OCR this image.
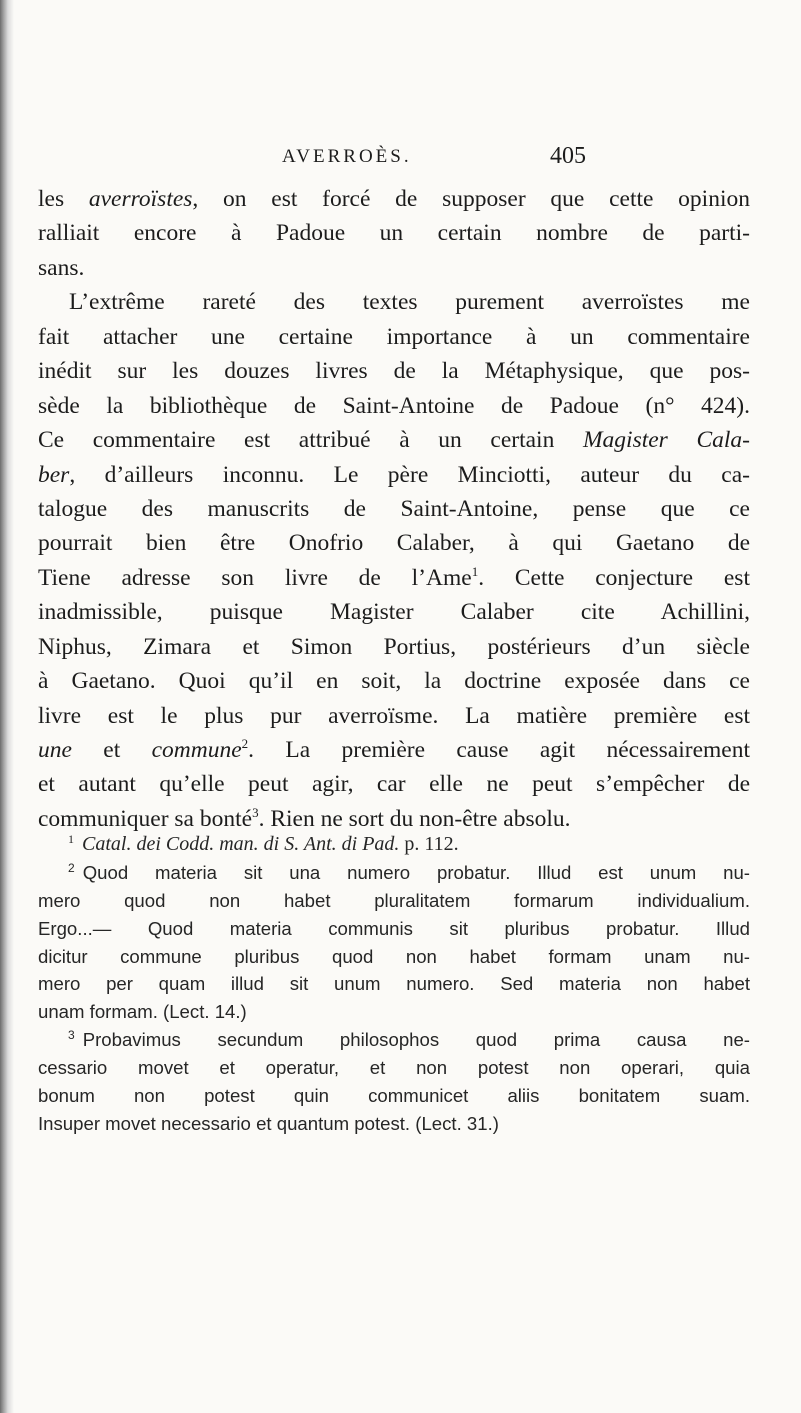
AVERROÈS.	405
les averroïstes, on est forcé de supposer que cette opinion
ralliait encore à Padoue un certain nombre de parti-
sans.
L’extrême rareté des textes purement averroïstes me
fait attacher une certaine importance à un commentaire
inédit sur les douzes livres de la Métaphysique, que pos-
sède la bibliothèque de Saint-Antoine de Padoue (n° 424).
Ce commentaire est attribué à un certain Magister Cala-
ber, d’ailleurs inconnu. Le père Minciotti, auteur du ca-
talogue des manuscrits de Saint-Antoine, pense que ce
pourrait bien être Onofrio Calaber, à qui Gaetano de
Tiene adresse son livre de l’Ame$^1$. Cette conjecture est
inadmissible, puisque Magister Calaber cite Achillini,
Niphus, Zimara et Simon Portius, postérieurs d’un siècle
à Gaetano. Quoi qu’il en soit, la doctrine exposée dans ce
livre est le plus pur averroïsme. La matière première est
une et commune$^2$. La première cause agit nécessairement
et autant qu’elle peut agir, car elle ne peut s’empêcher de
communiquer sa bonté$^3$. Rien ne sort du non-être absolu.
$^1$ Catal. dei Codd. man. di S. Ant. di Pad. p. 112.
$^2$ Quod materia sit una numero probatur. Illud est unum nu-
mero quod non habet pluralitatem formarum individualium.
Ergo...— Quod materia communis sit pluribus probatur. Illud
dicitur commune pluribus quod non habet formam unam nu-
mero per quam illud sit unum numero. Sed materia non habet
unam formam. (Lect. 14.)
$^3$ Probavimus secundum philosophos quod prima causa ne-
cessario movet et operatur, et non potest non operari, quia
bonum non potest quin communicet aliis bonitatem suam.
Insuper movet necessario et quantum potest. (Lect. 31.)
